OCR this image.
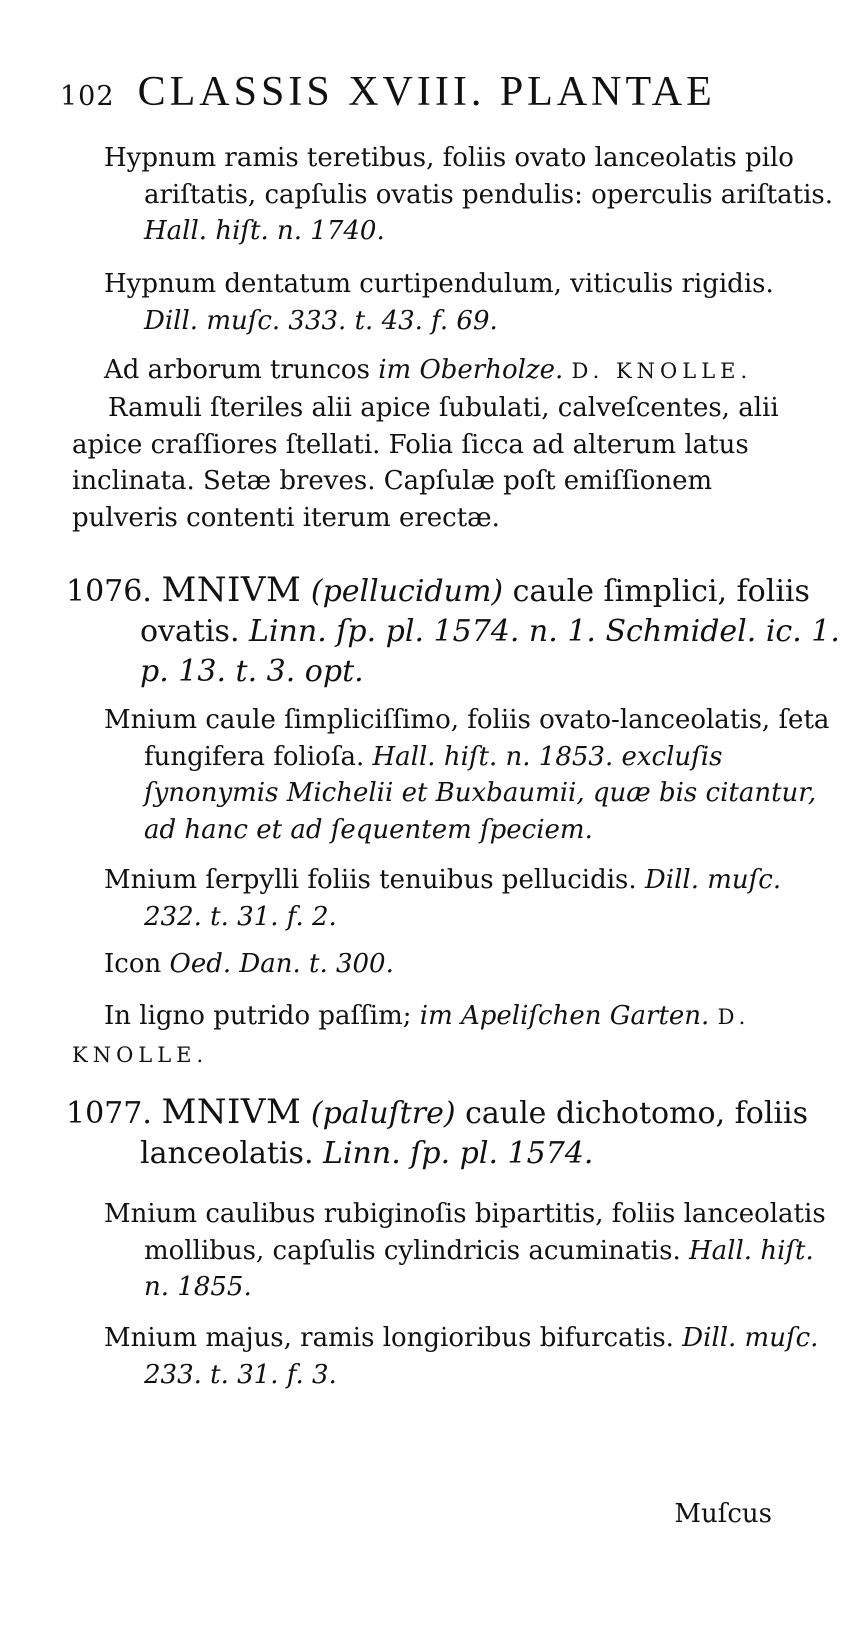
102 CLASSIS XVIII. PLANTAE
Hypnum ramis teretibus, foliis ovato lanceolatis pilo ariſtatis, capſulis ovatis pendulis: operculis ariſtatis. Hall. hiſt. n. 1740.
Hypnum dentatum curtipendulum, viticulis rigidis. Dill. muſc. 333. t. 43. f. 69.
Ad arborum truncos im Oberholze. D. KNOLLE.
Ramuli ſteriles alii apice ſubulati, calveſcentes, alii apice craſſiores ſtellati. Folia ſicca ad alterum latus inclinata. Setæ breves. Capſulæ poſt emiſſionem pulveris contenti iterum erectæ.
1076. MNIVM (pellucidum) caule ſimplici, foliis ovatis. Linn. ſp. pl. 1574. n. 1. Schmidel. ic. 1. p. 13. t. 3. opt.
Mnium caule ſimpliciſſimo, foliis ovato-lanceolatis, ſeta fungifera folioſa. Hall. hiſt. n. 1853. excluſis ſynonymis Michelii et Buxbaumii, quæ bis citantur, ad hanc et ad ſequentem ſpeciem.
Mnium ſerpylli foliis tenuibus pellucidis. Dill. muſc. 232. t. 31. f. 2.
Icon Oed. Dan. t. 300.
In ligno putrido paſſim; im Apeliſchen Garten. D. KNOLLE.
1077. MNIVM (paluſtre) caule dichotomo, foliis lanceolatis. Linn. ſp. pl. 1574.
Mnium caulibus rubiginoſis bipartitis, foliis lanceolatis mollibus, capſulis cylindricis acuminatis. Hall. hiſt. n. 1855.
Mnium majus, ramis longioribus bifurcatis. Dill. muſc. 233. t. 31. f. 3.
Muſcus
